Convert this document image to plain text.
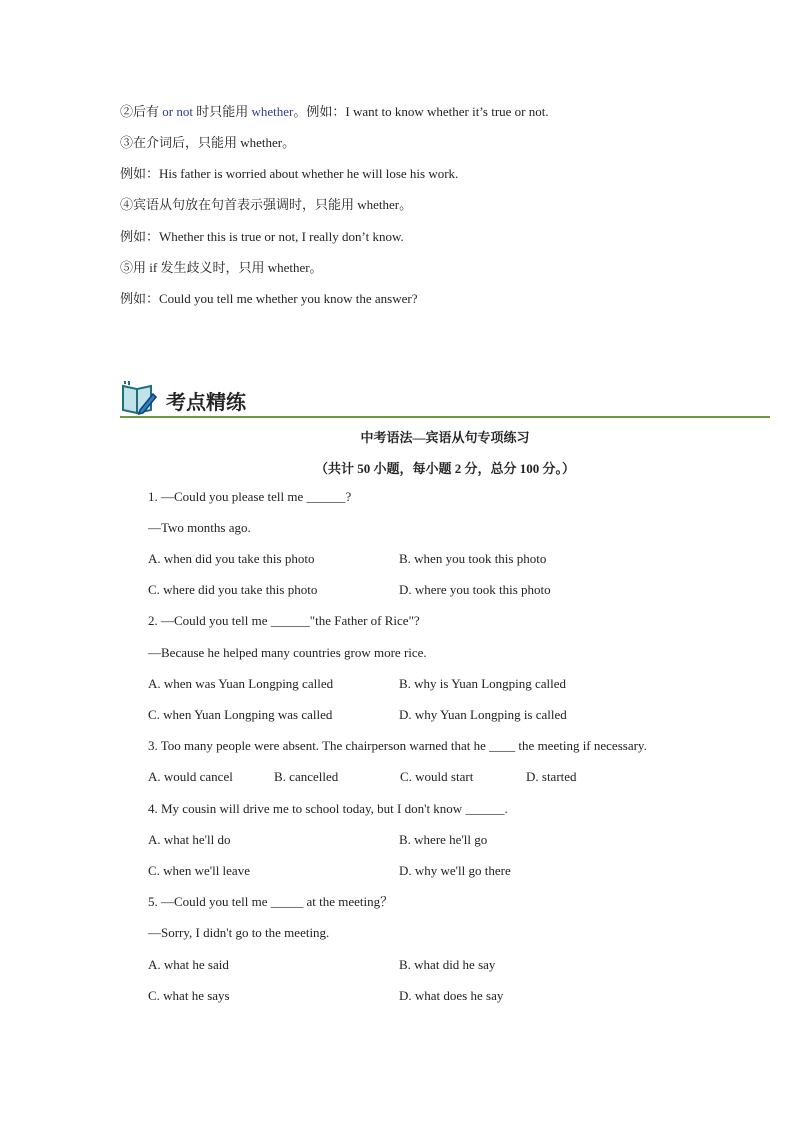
②后有 or not 时只能用 whether。例如：I want to know whether it’s true or not.
③在介词后，只能用 whether。
例如：His father is worried about whether he will lose his work.
④宾语从句放在句首表示强调时，只能用 whether。
例如：Whether this is true or not, I really don’t know.
⑤用 if 发生歧义时，只用 whether。
例如：Could you tell me whether you know the answer?
考点精练
中考语法—宾语从句专项练习
（共计 50 小题，每小题 2 分，总分 100 分。）
1. —Could you please tell me ______?
—Two months ago.
A. when did you take this photo	B. when you took this photo
C. where did you take this photo	D. where you took this photo
2. —Could you tell me ______"the Father of Rice"?
—Because he helped many countries grow more rice.
A. when was Yuan Longping called	B. why is Yuan Longping called
C. when Yuan Longping was called	D. why Yuan Longping is called
3. Too many people were absent. The chairperson warned that he ____ the meeting if necessary.
A. would cancel	B. cancelled	C. would start	D. started
4. My cousin will drive me to school today, but I don't know ______.
A. what he'll do	B. where he'll go
C. when we'll leave	D. why we'll go there
5. —Could you tell me _____ at the meeting？
—Sorry, I didn't go to the meeting.
A. what he said	B. what did he say
C. what he says	D. what does he say
